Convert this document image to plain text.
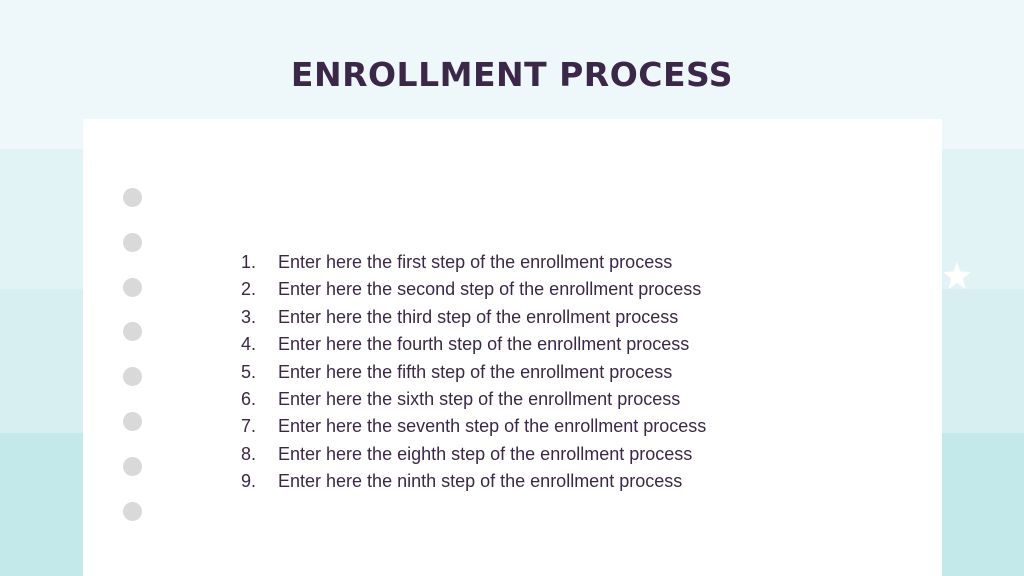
ENROLLMENT PROCESS
1.	Enter here the first step of the enrollment process
2.	Enter here the second step of the enrollment process
3.	Enter here the third step of the enrollment process
4.	Enter here the fourth step of the enrollment process
5.	Enter here the fifth step of the enrollment process
6.	Enter here the sixth step of the enrollment process
7.	Enter here the seventh step of the enrollment process
8.	Enter here the eighth step of the enrollment process
9.	Enter here the ninth step of the enrollment process
